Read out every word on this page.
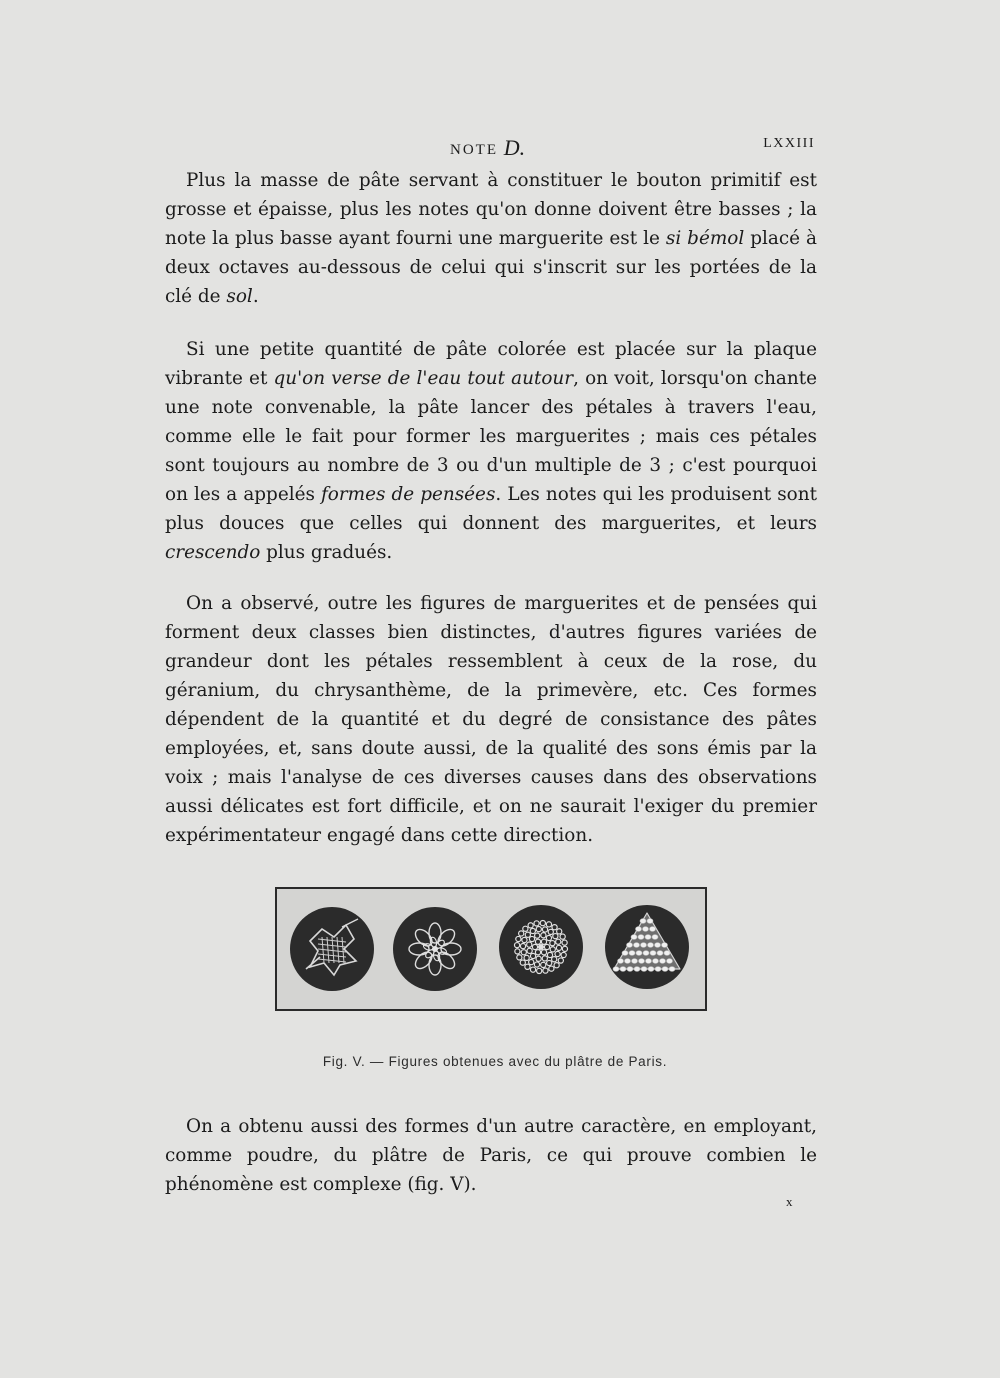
NOTE D.	LXXIII

Plus la masse de pâte servant à constituer le bouton primitif est grosse et épaisse, plus les notes qu'on donne doivent être basses ; la note la plus basse ayant fourni une marguerite est le si bémol placé à deux octaves au-dessous de celui qui s'inscrit sur les portées de la clé de sol.

Si une petite quantité de pâte colorée est placée sur la plaque vibrante et qu'on verse de l'eau tout autour, on voit, lorsqu'on chante une note convenable, la pâte lancer des pétales à travers l'eau, comme elle le fait pour former les marguerites ; mais ces pétales sont toujours au nombre de 3 ou d'un multiple de 3 ; c'est pourquoi on les a appelés formes de pensées. Les notes qui les produisent sont plus douces que celles qui donnent des marguerites, et leurs crescendo plus gradués.

On a observé, outre les figures de marguerites et de pensées qui forment deux classes bien distinctes, d'autres figures variées de grandeur dont les pétales ressemblent à ceux de la rose, du géranium, du chrysanthème, de la primevère, etc. Ces formes dépendent de la quantité et du degré de consistance des pâtes employées, et, sans doute aussi, de la qualité des sons émis par la voix ; mais l'analyse de ces diverses causes dans des observations aussi délicates est fort difficile, et on ne saurait l'exiger du premier expérimentateur engagé dans cette direction.

Fig. V. — Figures obtenues avec du plâtre de Paris.

On a obtenu aussi des formes d'un autre caractère, en employant, comme poudre, du plâtre de Paris, ce qui prouve combien le phénomène est complexe (fig. V).

x
